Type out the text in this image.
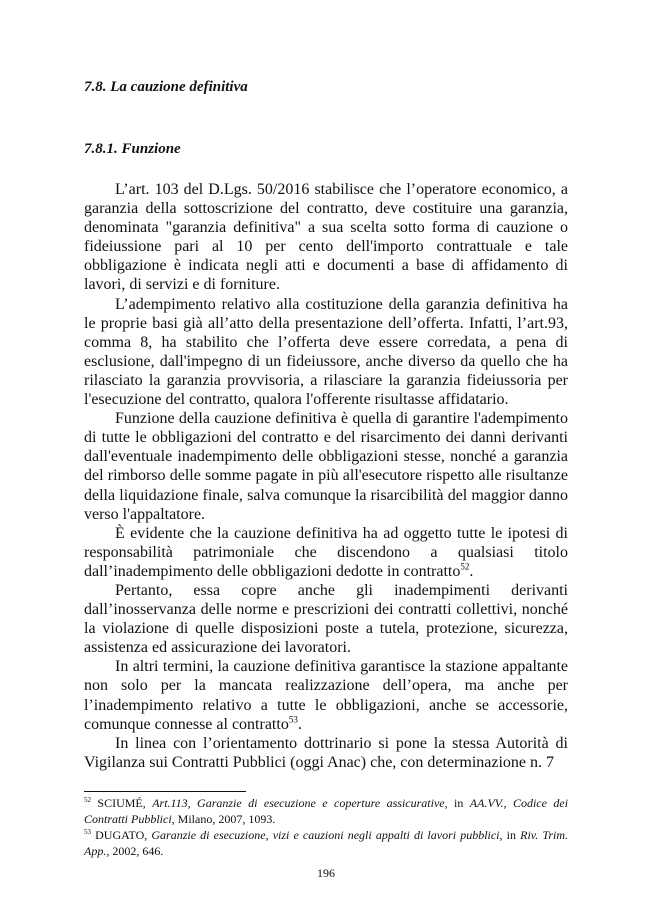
7.8. La cauzione definitiva
7.8.1. Funzione

L’art. 103 del D.Lgs. 50/2016 stabilisce che l’operatore economico, a garanzia della sottoscrizione del contratto, deve costituire una garanzia, denominata "garanzia definitiva" a sua scelta sotto forma di cauzione o fideiussione pari al 10 per cento dell'importo contrattuale e tale obbligazione è indicata negli atti e documenti a base di affidamento di lavori, di servizi e di forniture.

L’adempimento relativo alla costituzione della garanzia definitiva ha le proprie basi già all’atto della presentazione dell’offerta. Infatti, l’art.93, comma 8, ha stabilito che l’offerta deve essere corredata, a pena di esclusione, dall'impegno di un fideiussore, anche diverso da quello che ha rilasciato la garanzia provvisoria, a rilasciare la garanzia fideiussoria per l'esecuzione del contratto, qualora l'offerente risultasse affidatario.

Funzione della cauzione definitiva è quella di garantire l'adempimento di tutte le obbligazioni del contratto e del risarcimento dei danni derivanti dall'eventuale inadempimento delle obbligazioni stesse, nonché a garanzia del rimborso delle somme pagate in più all'esecutore rispetto alle risultanze della liquidazione finale, salva comunque la risarcibilità del maggior danno verso l'appaltatore.

È evidente che la cauzione definitiva ha ad oggetto tutte le ipotesi di responsabilità patrimoniale che discendono a qualsiasi titolo dall’inadempimento delle obbligazioni dedotte in contratto$^{52}$.

Pertanto, essa copre anche gli inadempimenti derivanti dall’inosservanza delle norme e prescrizioni dei contratti collettivi, nonché la violazione di quelle disposizioni poste a tutela, protezione, sicurezza, assistenza ed assicurazione dei lavoratori.

In altri termini, la cauzione definitiva garantisce la stazione appaltante non solo per la mancata realizzazione dell’opera, ma anche per l’inadempimento relativo a tutte le obbligazioni, anche se accessorie, comunque connesse al contratto$^{53}$.

In linea con l’orientamento dottrinario si pone la stessa Autorità di Vigilanza sui Contratti Pubblici (oggi Anac) che, con determinazione n. 7

$^{52}$ SCIUMÉ, Art.113, Garanzie di esecuzione e coperture assicurative, in AA.VV., Codice dei Contratti Pubblici, Milano, 2007, 1093.

$^{53}$ DUGATO, Garanzie di esecuzione, vizi e cauzioni negli appalti di lavori pubblici, in Riv. Trim. App., 2002, 646.

196
